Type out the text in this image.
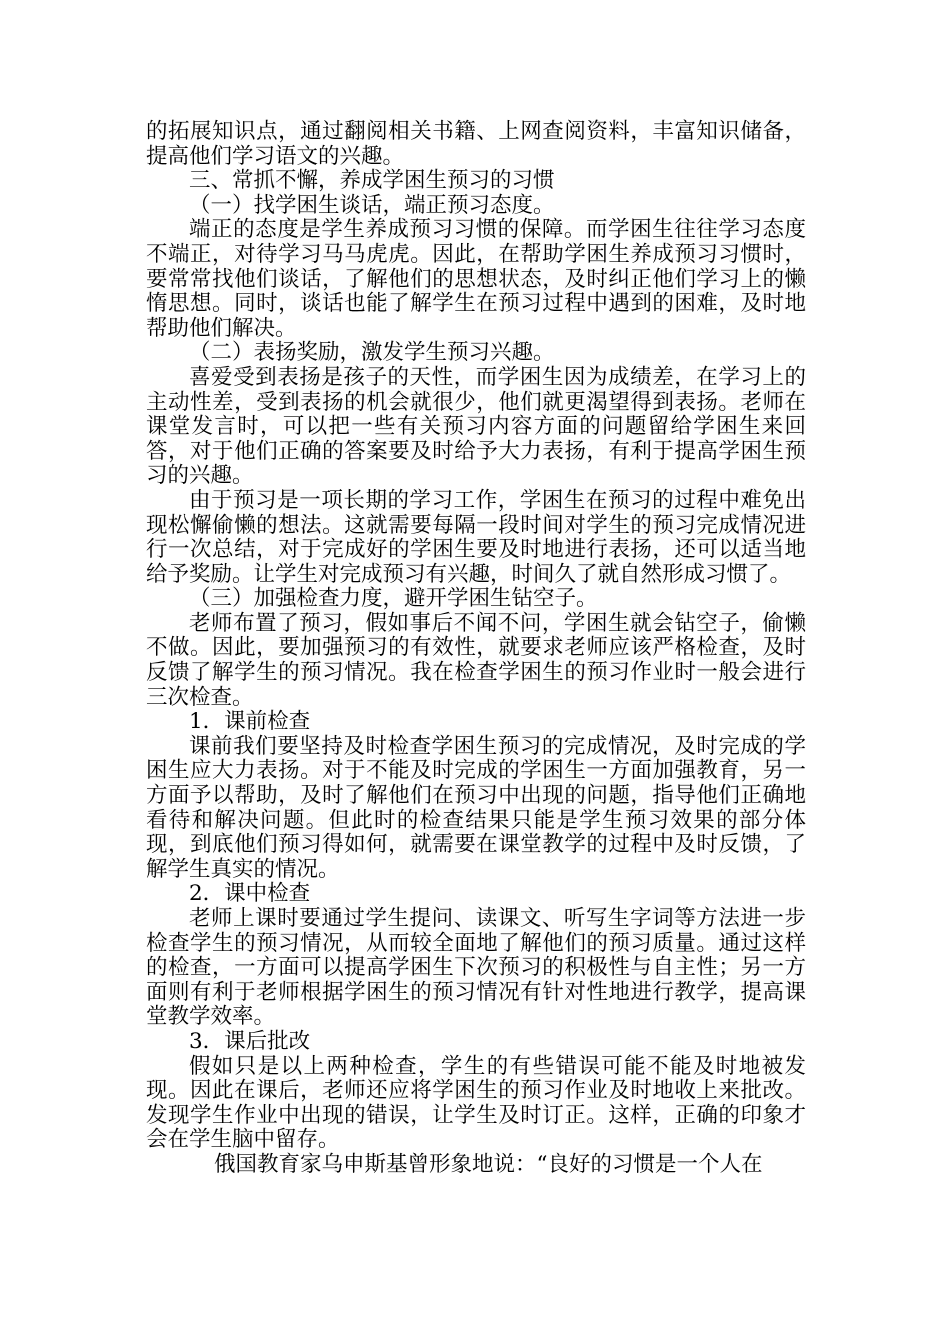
的拓展知识点，通过翻阅相关书籍、上网查阅资料，丰富知识储备，提高他们学习语文的兴趣。

三、常抓不懈，养成学困生预习的习惯

（一）找学困生谈话，端正预习态度。

端正的态度是学生养成预习习惯的保障。而学困生往往学习态度不端正，对待学习马马虎虎。因此，在帮助学困生养成预习习惯时，要常常找他们谈话，了解他们的思想状态，及时纠正他们学习上的懒惰思想。同时，谈话也能了解学生在预习过程中遇到的困难，及时地帮助他们解决。

（二）表扬奖励，激发学生预习兴趣。

喜爱受到表扬是孩子的天性，而学困生因为成绩差，在学习上的主动性差，受到表扬的机会就很少，他们就更渴望得到表扬。老师在课堂发言时，可以把一些有关预习内容方面的问题留给学困生来回答，对于他们正确的答案要及时给予大力表扬，有利于提高学困生预习的兴趣。

由于预习是一项长期的学习工作，学困生在预习的过程中难免出现松懈偷懒的想法。这就需要每隔一段时间对学生的预习完成情况进行一次总结，对于完成好的学困生要及时地进行表扬，还可以适当地给予奖励。让学生对完成预习有兴趣，时间久了就自然形成习惯了。

（三）加强检查力度，避开学困生钻空子。

老师布置了预习，假如事后不闻不问，学困生就会钻空子，偷懒不做。因此，要加强预习的有效性，就要求老师应该严格检查，及时反馈了解学生的预习情况。我在检查学困生的预习作业时一般会进行三次检查。

1．课前检查

课前我们要坚持及时检查学困生预习的完成情况，及时完成的学困生应大力表扬。对于不能及时完成的学困生一方面加强教育，另一方面予以帮助，及时了解他们在预习中出现的问题，指导他们正确地看待和解决问题。但此时的检查结果只能是学生预习效果的部分体现，到底他们预习得如何，就需要在课堂教学的过程中及时反馈，了解学生真实的情况。

2．课中检查

老师上课时要通过学生提问、读课文、听写生字词等方法进一步检查学生的预习情况，从而较全面地了解他们的预习质量。通过这样的检查，一方面可以提高学困生下次预习的积极性与自主性；另一方面则有利于老师根据学困生的预习情况有针对性地进行教学，提高课堂教学效率。

3．课后批改

假如只是以上两种检查，学生的有些错误可能不能及时地被发现。因此在课后，老师还应将学困生的预习作业及时地收上来批改。发现学生作业中出现的错误，让学生及时订正。这样，正确的印象才会在学生脑中留存。

俄国教育家乌申斯基曾形象地说：“良好的习惯是一个人在
